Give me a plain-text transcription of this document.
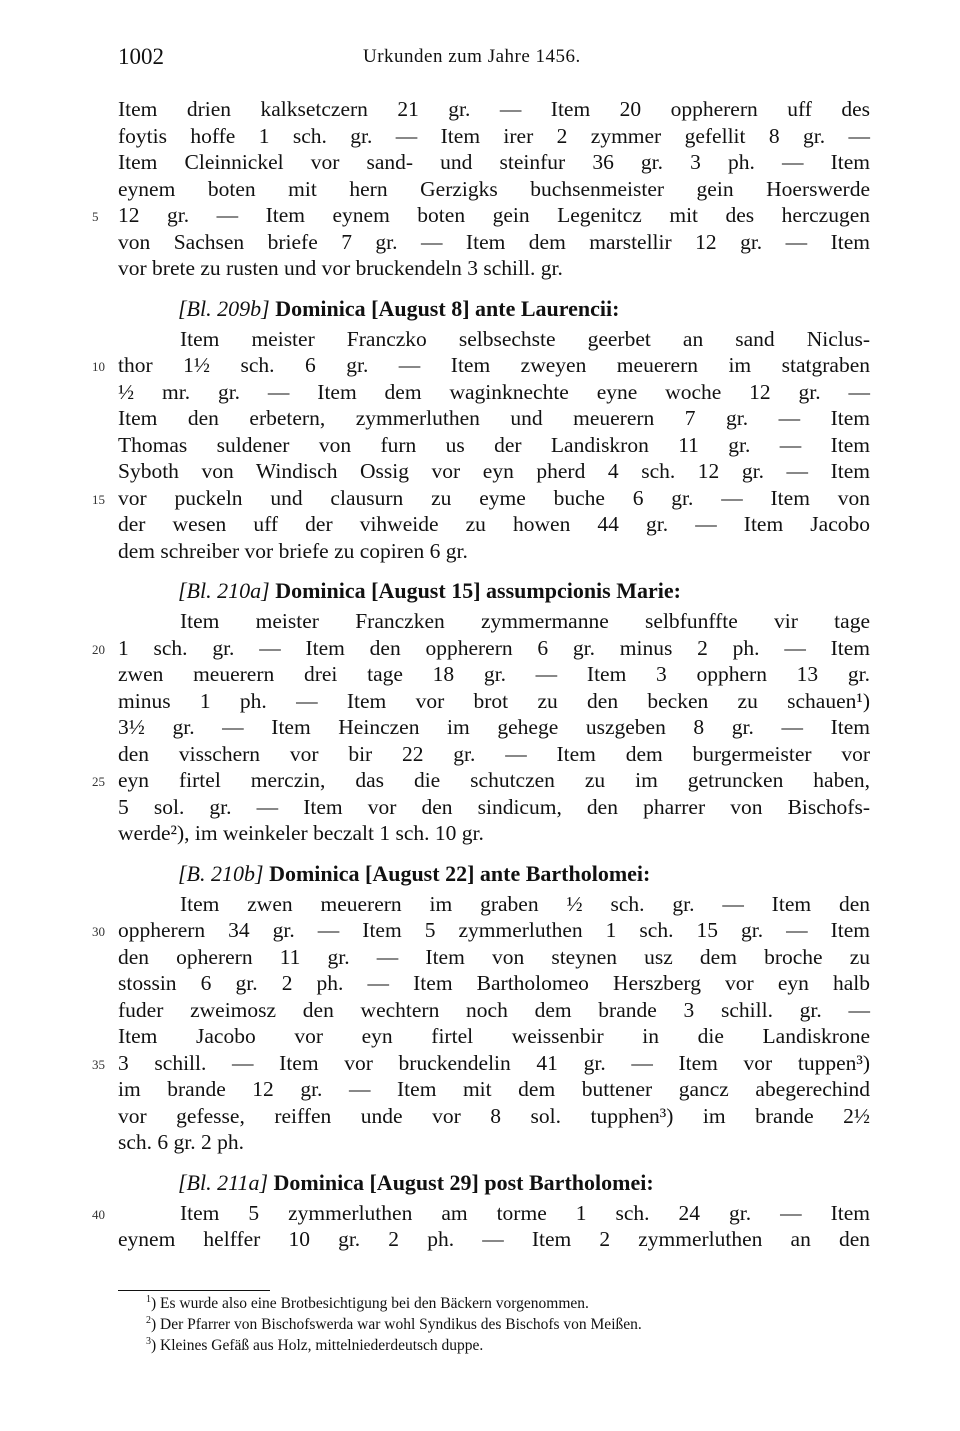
1002	Urkunden zum Jahre 1456.
Item drien kalksetczern 21 gr. — Item 20 oppherern uff des
foytis hoffe 1 sch. gr. — Item irer 2 zymmer gefellit 8 gr. —
Item Cleinnickel vor sand- und steinfur 36 gr. 3 ph. — Item
eynem boten mit hern Gerzigks buchsenmeister gein Hoerswerde
5 12 gr. — Item eynem boten gein Legenitcz mit des herczugen
von Sachsen briefe 7 gr. — Item dem marstellir 12 gr. — Item
vor brete zu rusten und vor bruckendeln 3 schill. gr.
[Bl. 209b] Dominica [August 8] ante Laurencii:
Item meister Franczko selbsechste geerbet an sand Niclus-
10 thor 1½ sch. 6 gr. — Item zweyen meuerern im statgraben
½ mr. gr. — Item dem waginknechte eyne woche 12 gr. —
Item den erbetern, zymmerluthen und meuerern 7 gr. — Item
Thomas suldener von furn us der Landiskron 11 gr. — Item
Syboth von Windisch Ossig vor eyn pherd 4 sch. 12 gr. — Item
15 vor puckeln und clausurn zu eyme buche 6 gr. — Item von
der wesen uff der vihweide zu howen 44 gr. — Item Jacobo
dem schreiber vor briefe zu copiren 6 gr.
[Bl. 210a] Dominica [August 15] assumpcionis Marie:
Item meister Franczken zymmermanne selbfunffte vir tage
20 1 sch. gr. — Item den oppherern 6 gr. minus 2 ph. — Item
zwen meuerern drei tage 18 gr. — Item 3 opphern 13 gr.
minus 1 ph. — Item vor brot zu den becken zu schauen¹)
3½ gr. — Item Heinczen im gehege uszgeben 8 gr. — Item
den visschern vor bir 22 gr. — Item dem burgermeister vor
25 eyn firtel merczin, das die schutczen zu im getruncken haben,
5 sol. gr. — Item vor den sindicum, den pharrer von Bischofs-
werde²), im weinkeler beczalt 1 sch. 10 gr.
[B. 210b] Dominica [August 22] ante Bartholomei:
Item zwen meuerern im graben ½ sch. gr. — Item den
30 oppherern 34 gr. — Item 5 zymmerluthen 1 sch. 15 gr. — Item
den opherern 11 gr. — Item von steynen usz dem broche zu
stossin 6 gr. 2 ph. — Item Bartholomeo Herszberg vor eyn halb
fuder zweimosz den wechtern noch dem brande 3 schill. gr. —
Item Jacobo vor eyn firtel weissenbir in die Landiskrone
35 3 schill. — Item vor bruckendelin 41 gr. — Item vor tuppen³)
im brande 12 gr. — Item mit dem buttener gancz abegerechind
vor gefesse, reiffen unde vor 8 sol. tupphen³) im brande 2½
sch. 6 gr. 2 ph.
[Bl. 211a] Dominica [August 29] post Bartholomei:
40	Item 5 zymmerluthen am torme 1 sch. 24 gr. — Item
eynem helffer 10 gr. 2 ph. — Item 2 zymmerluthen an den
$^1$) Es wurde also eine Brotbesichtigung bei den Bäckern vorgenommen.
$^2$) Der Pfarrer von Bischofswerda war wohl Syndikus des Bischofs von Meißen.
$^3$) Kleines Gefäß aus Holz, mittelniederdeutsch duppe.
